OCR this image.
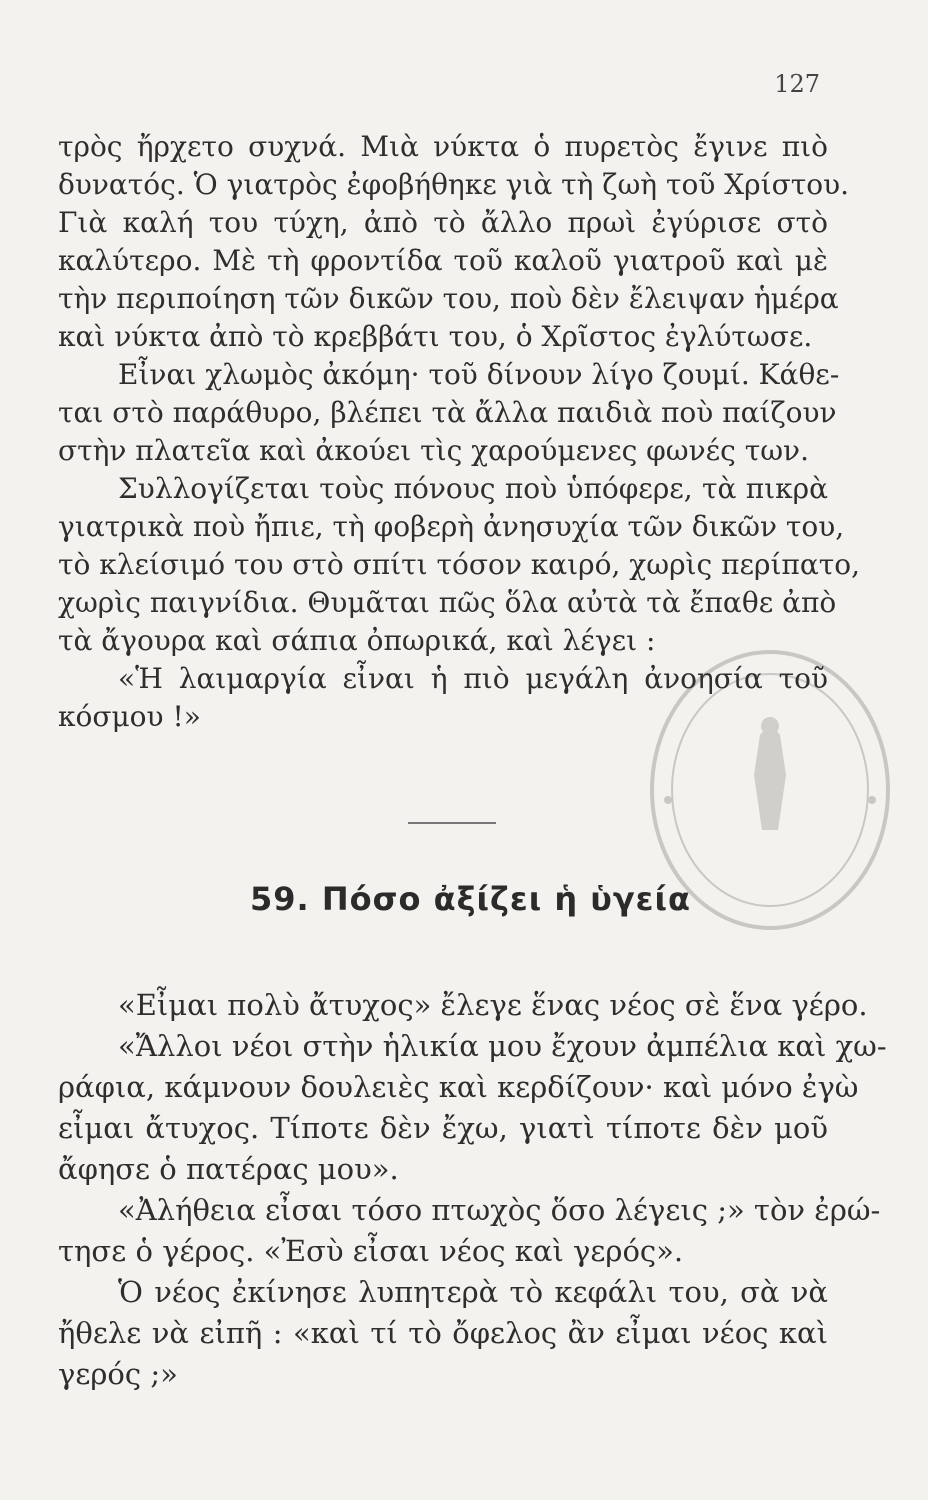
127
τρὸς ἤρχετο συχνά. Μιὰ νύκτα ὁ πυρετὸς ἔγινε πιὸ
δυνατός. Ὁ γιατρὸς ἐφοβήθηκε γιὰ τὴ ζωὴ τοῦ Χρίστου.
Γιὰ καλή του τύχη, ἀπὸ τὸ ἄλλο πρωὶ ἐγύρισε στὸ
καλύτερο. Μὲ τὴ φροντίδα τοῦ καλοῦ γιατροῦ καὶ μὲ
τὴν περιποίηση τῶν δικῶν του, ποὺ δὲν ἔλειψαν ἡμέρα
καὶ νύκτα ἀπὸ τὸ κρεββάτι του, ὁ Χρῖστος ἐγλύτωσε.
Εἶναι χλωμὸς ἀκόμη· τοῦ δίνουν λίγο ζουμί. Κάθε-
ται στὸ παράθυρο, βλέπει τὰ ἄλλα παιδιὰ ποὺ παίζουν
στὴν πλατεῖα καὶ ἀκούει τὶς χαρούμενες φωνές των.
Συλλογίζεται τοὺς πόνους ποὺ ὑπόφερε, τὰ πικρὰ
γιατρικὰ ποὺ ἤπιε, τὴ φοβερὴ ἀνησυχία τῶν δικῶν του,
τὸ κλείσιμό του στὸ σπίτι τόσον καιρό, χωρὶς περίπατο,
χωρὶς παιγνίδια. Θυμᾶται πῶς ὅλα αὐτὰ τὰ ἔπαθε ἀπὸ
τὰ ἄγουρα καὶ σάπια ὀπωρικά, καὶ λέγει :
«Ἡ λαιμαργία εἶναι ἡ πιὸ μεγάλη ἀνοησία τοῦ
κόσμου !»
59. Πόσο ἀξίζει ἡ ὑγεία
«Εἶμαι πολὺ ἄτυχος» ἔλεγε ἕνας νέος σὲ ἕνα γέρο.
«Ἄλλοι νέοι στὴν ἡλικία μου ἔχουν ἀμπέλια καὶ χω-
ράφια, κάμνουν δουλειὲς καὶ κερδίζουν· καὶ μόνο ἐγὼ
εἶμαι ἄτυχος. Τίποτε δὲν ἔχω, γιατὶ τίποτε δὲν μοῦ
ἄφησε ὁ πατέρας μου».
«Ἀλήθεια εἶσαι τόσο πτωχὸς ὅσο λέγεις ;» τὸν ἐρώ-
τησε ὁ γέρος. «Ἐσὺ εἶσαι νέος καὶ γερός».
Ὁ νέος ἐκίνησε λυπητερὰ τὸ κεφάλι του, σὰ νὰ
ἤθελε νὰ εἰπῆ : «καὶ τί τὸ ὄφελος ἂν εἶμαι νέος καὶ
γερός ;»
